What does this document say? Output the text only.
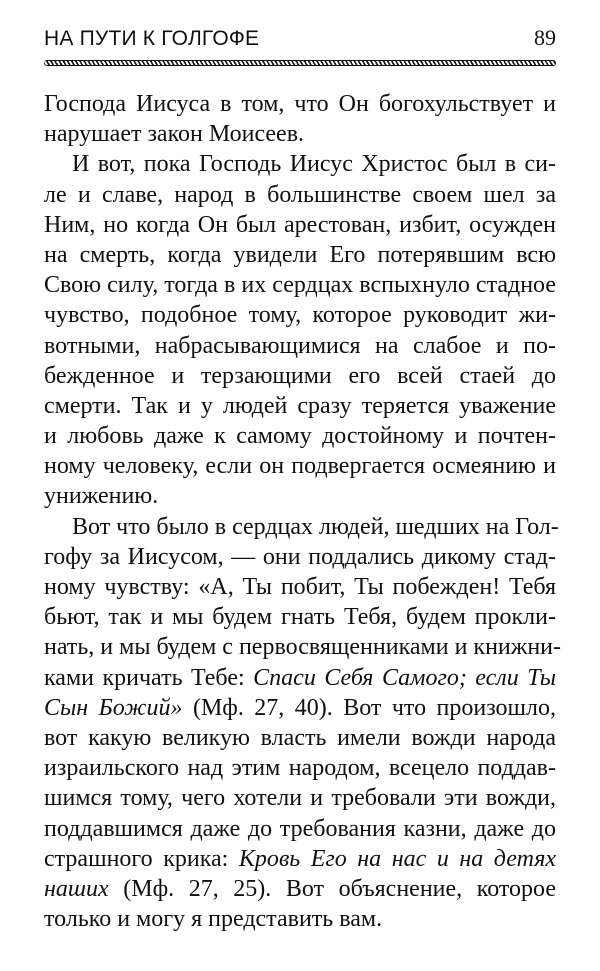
НА ПУТИ К ГОЛГОФЕ	89
Господа Иисуса в том, что Он богохульствует и
нарушает закон Моисеев.
И вот, пока Господь Иисус Христос был в си-
ле и славе, народ в большинстве своем шел за
Ним, но когда Он был арестован, избит, осужден
на смерть, когда увидели Его потерявшим всю
Свою силу, тогда в их сердцах вспыхнуло стадное
чувство, подобное тому, которое руководит жи-
вотными, набрасывающимися на слабое и по-
бежденное и терзающими его всей стаей до
смерти. Так и у людей сразу теряется уважение
и любовь даже к самому достойному и почтен-
ному человеку, если он подвергается осмеянию и
унижению.
Вот что было в сердцах людей, шедших на Гол-
гофу за Иисусом, — они поддались дикому стад-
ному чувству: «А, Ты побит, Ты побежден! Тебя
бьют, так и мы будем гнать Тебя, будем прокли-
нать, и мы будем с первосвященниками и книжни-
ками кричать Тебе: Спаси Себя Самого; если Ты
Сын Божий» (Мф. 27, 40). Вот что произошло,
вот какую великую власть имели вожди народа
израильского над этим народом, всецело поддав-
шимся тому, чего хотели и требовали эти вожди,
поддавшимся даже до требования казни, даже до
страшного крика: Кровь Его на нас и на детях
наших (Мф. 27, 25). Вот объяснение, которое
только и могу я представить вам.
